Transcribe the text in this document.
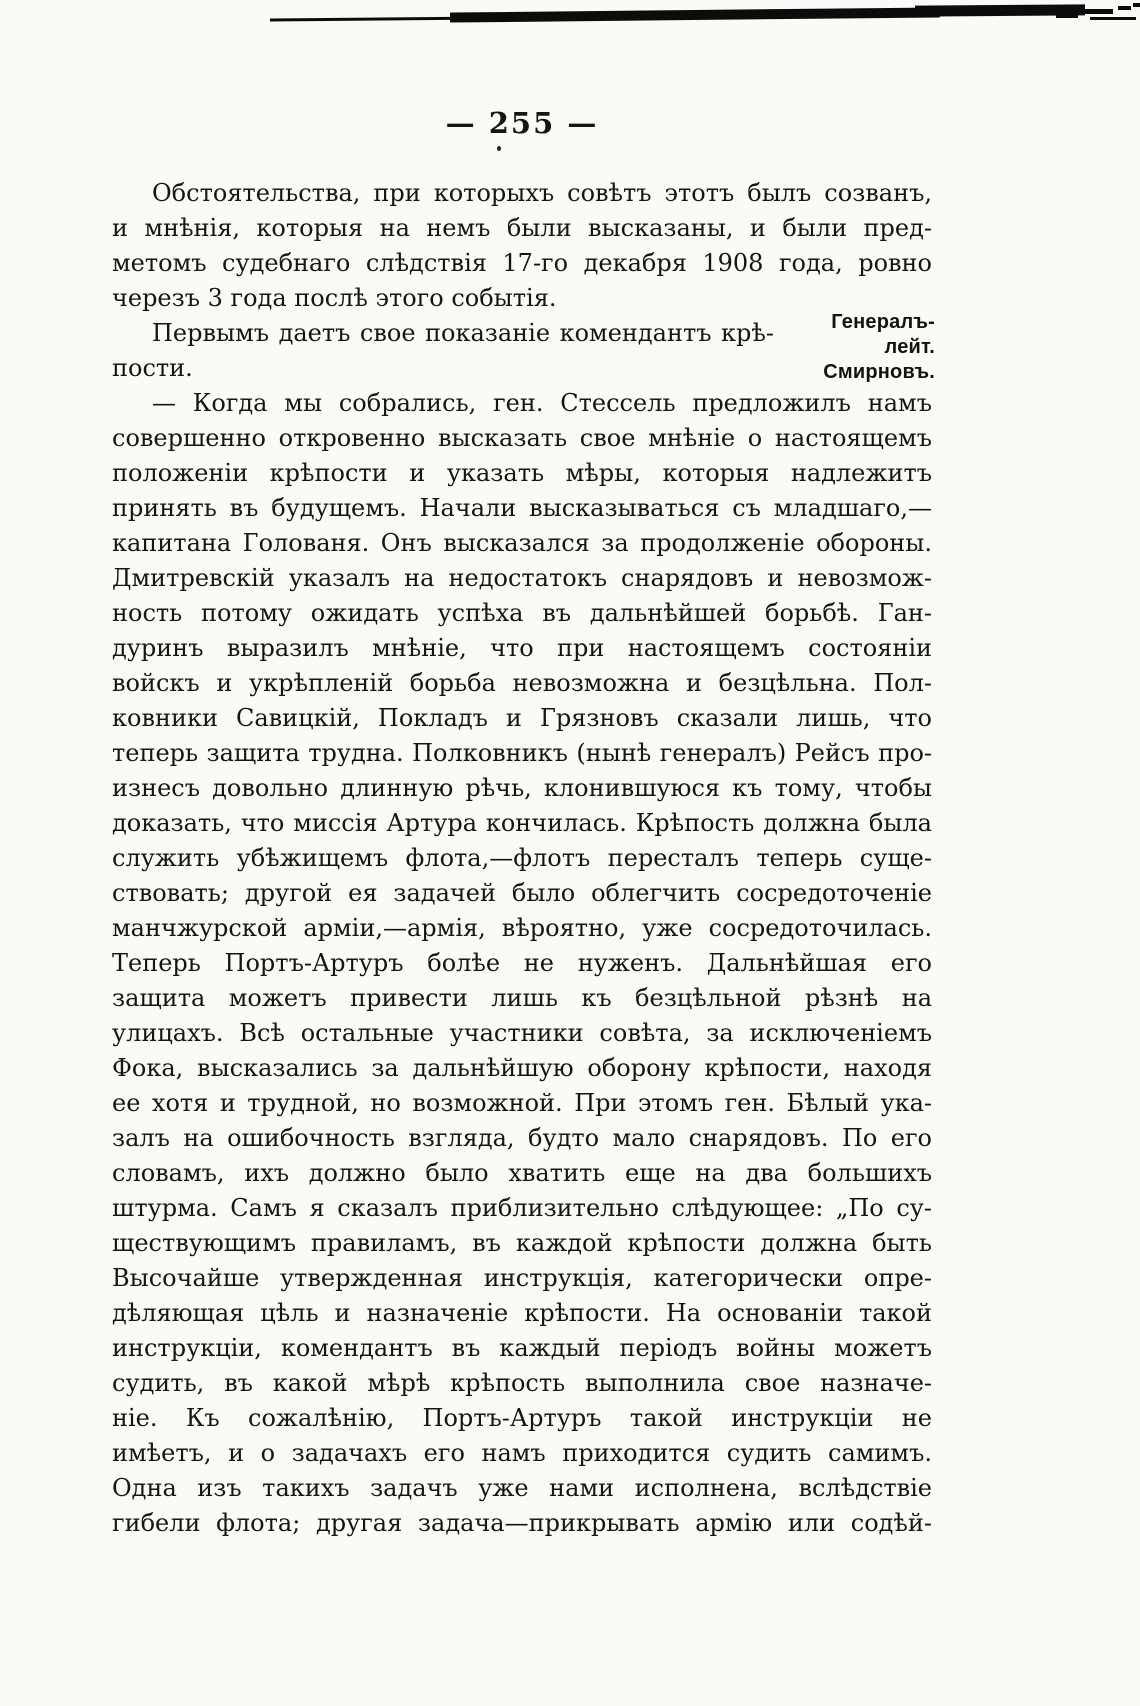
— 255 —
Генералъ-лейт.
Смирновъ.
Обстоятельства, при которыхъ совѣтъ этотъ былъ созванъ,
и мнѣнія, которыя на немъ были высказаны, и были пред-
метомъ судебнаго слѣдствія 17-го декабря 1908 года, ровно
черезъ 3 года послѣ этого событія.
Первымъ даетъ свое показаніе комендантъ крѣ-
пости.
— Когда мы собрались, ген. Стессель предложилъ намъ
совершенно откровенно высказать свое мнѣніе о настоящемъ
положеніи крѣпости и указать мѣры, которыя надлежитъ
принять въ будущемъ. Начали высказываться съ младшаго,—
капитана Голованя. Онъ высказался за продолженіе обороны.
Дмитревскій указалъ на недостатокъ снарядовъ и невозмож-
ность потому ожидать успѣха въ дальнѣйшей борьбѣ. Ган-
дуринъ выразилъ мнѣніе, что при настоящемъ состояніи
войскъ и укрѣпленій борьба невозможна и безцѣльна. Пол-
ковники Савицкій, Покладъ и Грязновъ сказали лишь, что
теперь защита трудна. Полковникъ (нынѣ генералъ) Рейсъ про-
изнесъ довольно длинную рѣчь, клонившуюся къ тому, чтобы
доказать, что миссія Артура кончилась. Крѣпость должна была
служить убѣжищемъ флота,—флотъ пересталъ теперь суще-
ствовать; другой ея задачей было облегчить сосредоточеніе
манчжурской арміи,—армія, вѣроятно, уже сосредоточилась.
Теперь Портъ-Артуръ болѣе не нуженъ. Дальнѣйшая его
защита можетъ привести лишь къ безцѣльной рѣзнѣ на
улицахъ. Всѣ остальные участники совѣта, за исключеніемъ
Фока, высказались за дальнѣйшую оборону крѣпости, находя
ее хотя и трудной, но возможной. При этомъ ген. Бѣлый ука-
залъ на ошибочность взгляда, будто мало снарядовъ. По его
словамъ, ихъ должно было хватить еще на два большихъ
штурма. Самъ я сказалъ приблизительно слѣдующее: „По су-
ществующимъ правиламъ, въ каждой крѣпости должна быть
Высочайше утвержденная инструкція, категорически опре-
дѣляющая цѣль и назначеніе крѣпости. На основаніи такой
инструкціи, комендантъ въ каждый періодъ войны можетъ
судить, въ какой мѣрѣ крѣпость выполнила свое назначе-
ніе. Къ сожалѣнію, Портъ-Артуръ такой инструкціи не
имѣетъ, и о задачахъ его намъ приходится судить самимъ.
Одна изъ такихъ задачъ уже нами исполнена, вслѣдствіе
гибели флота; другая задача—прикрывать армію или содѣй-
